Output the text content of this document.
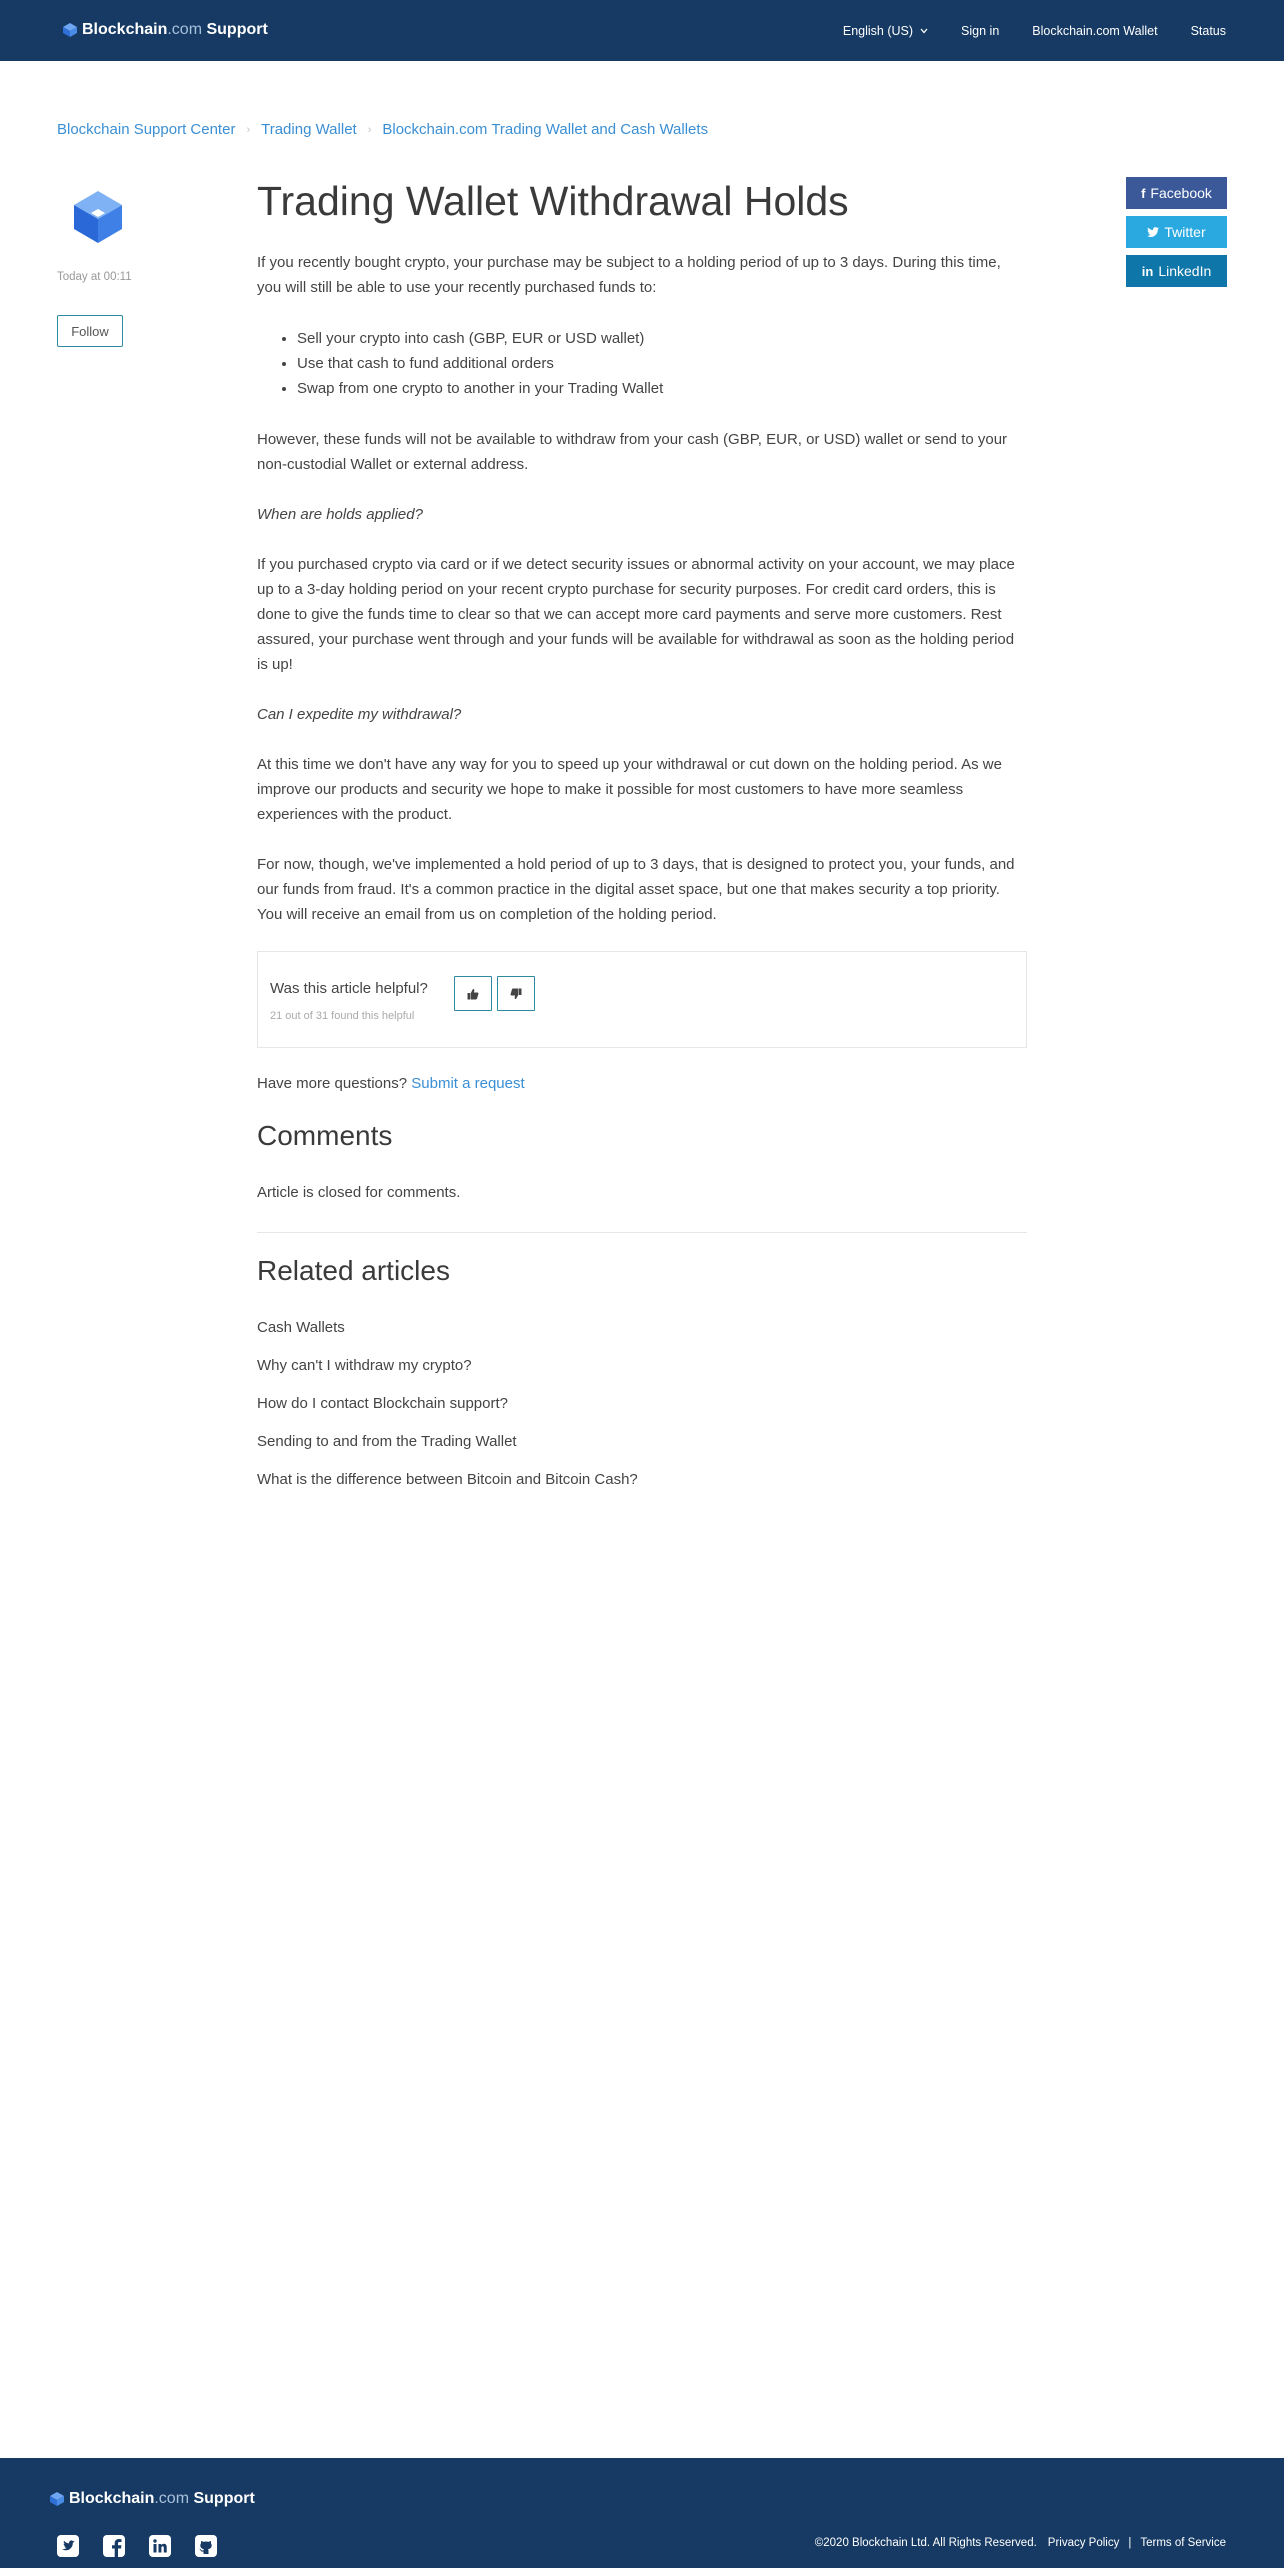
Blockchain .com Support	English (US)	Sign in	Blockchain.com Wallet	Status
Blockchain Support Center › Trading Wallet › Blockchain.com Trading Wallet and Cash Wallets
Today at 00:11
Follow
Trading Wallet Withdrawal Holds

If you recently bought crypto, your purchase may be subject to a holding period of up to 3 days. During this time, you will still be able to use your recently purchased funds to:

• Sell your crypto into cash (GBP, EUR or USD wallet)
• Use that cash to fund additional orders
• Swap from one crypto to another in your Trading Wallet

However, these funds will not be available to withdraw from your cash (GBP, EUR, or USD) wallet or send to your non-custodial Wallet or external address.

When are holds applied?

If you purchased crypto via card or if we detect security issues or abnormal activity on your account, we may place up to a 3-day holding period on your recent crypto purchase for security purposes. For credit card orders, this is done to give the funds time to clear so that we can accept more card payments and serve more customers. Rest assured, your purchase went through and your funds will be available for withdrawal as soon as the holding period is up!

Can I expedite my withdrawal?

At this time we don't have any way for you to speed up your withdrawal or cut down on the holding period. As we improve our products and security we hope to make it possible for most customers to have more seamless experiences with the product.

For now, though, we've implemented a hold period of up to 3 days, that is designed to protect you, your funds, and our funds from fraud. It's a common practice in the digital asset space, but one that makes security a top priority. You will receive an email from us on completion of the holding period.

Was this article helpful?
21 out of 31 found this helpful
Have more questions? Submit a request
Comments
Article is closed for comments.
Related articles
Cash Wallets
Why can't I withdraw my crypto?
How do I contact Blockchain support?
Sending to and from the Trading Wallet
What is the difference between Bitcoin and Bitcoin Cash?
f Facebook
Twitter
in LinkedIn
Blockchain .com Support
©2020 Blockchain Ltd. All Rights Reserved. Privacy Policy | Terms of Service
